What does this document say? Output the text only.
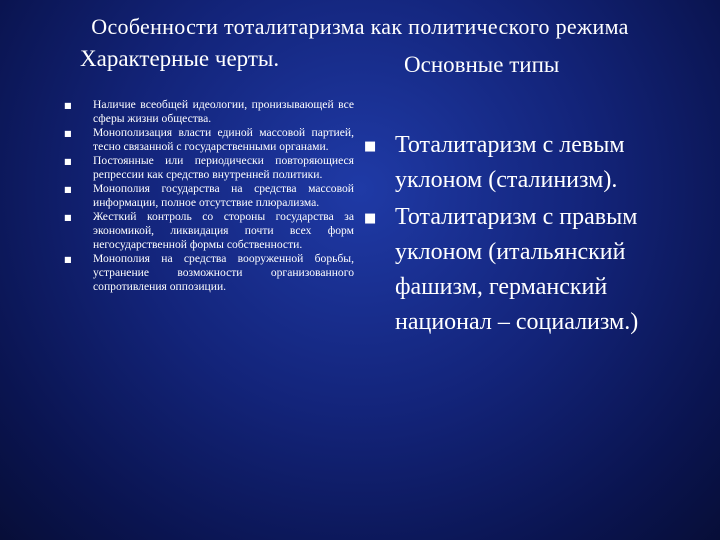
Особенности тоталитаризма как политического режима
Характерные черты.	Основные типы
■ Наличие всеобщей идеологии, пронизывающей все сферы жизни общества.
■ Монополизация власти единой массовой партией, тесно связанной с государственными органами.
■ Постоянные или периодически повторяющиеся репрессии как средство внутренней политики.
■ Монополия государства на средства массовой информации, полное отсутствие плюрализма.
■ Жесткий контроль со стороны государства за экономикой, ликвидация почти всех форм негосударственной формы собственности.
■ Монополия на средства вооруженной борьбы, устранение возможности организованного сопротивления оппозиции.
■ Тоталитаризм с левым уклоном (сталинизм).
■ Тоталитаризм с правым уклоном (итальянский фашизм, германский национал – социализм.)
